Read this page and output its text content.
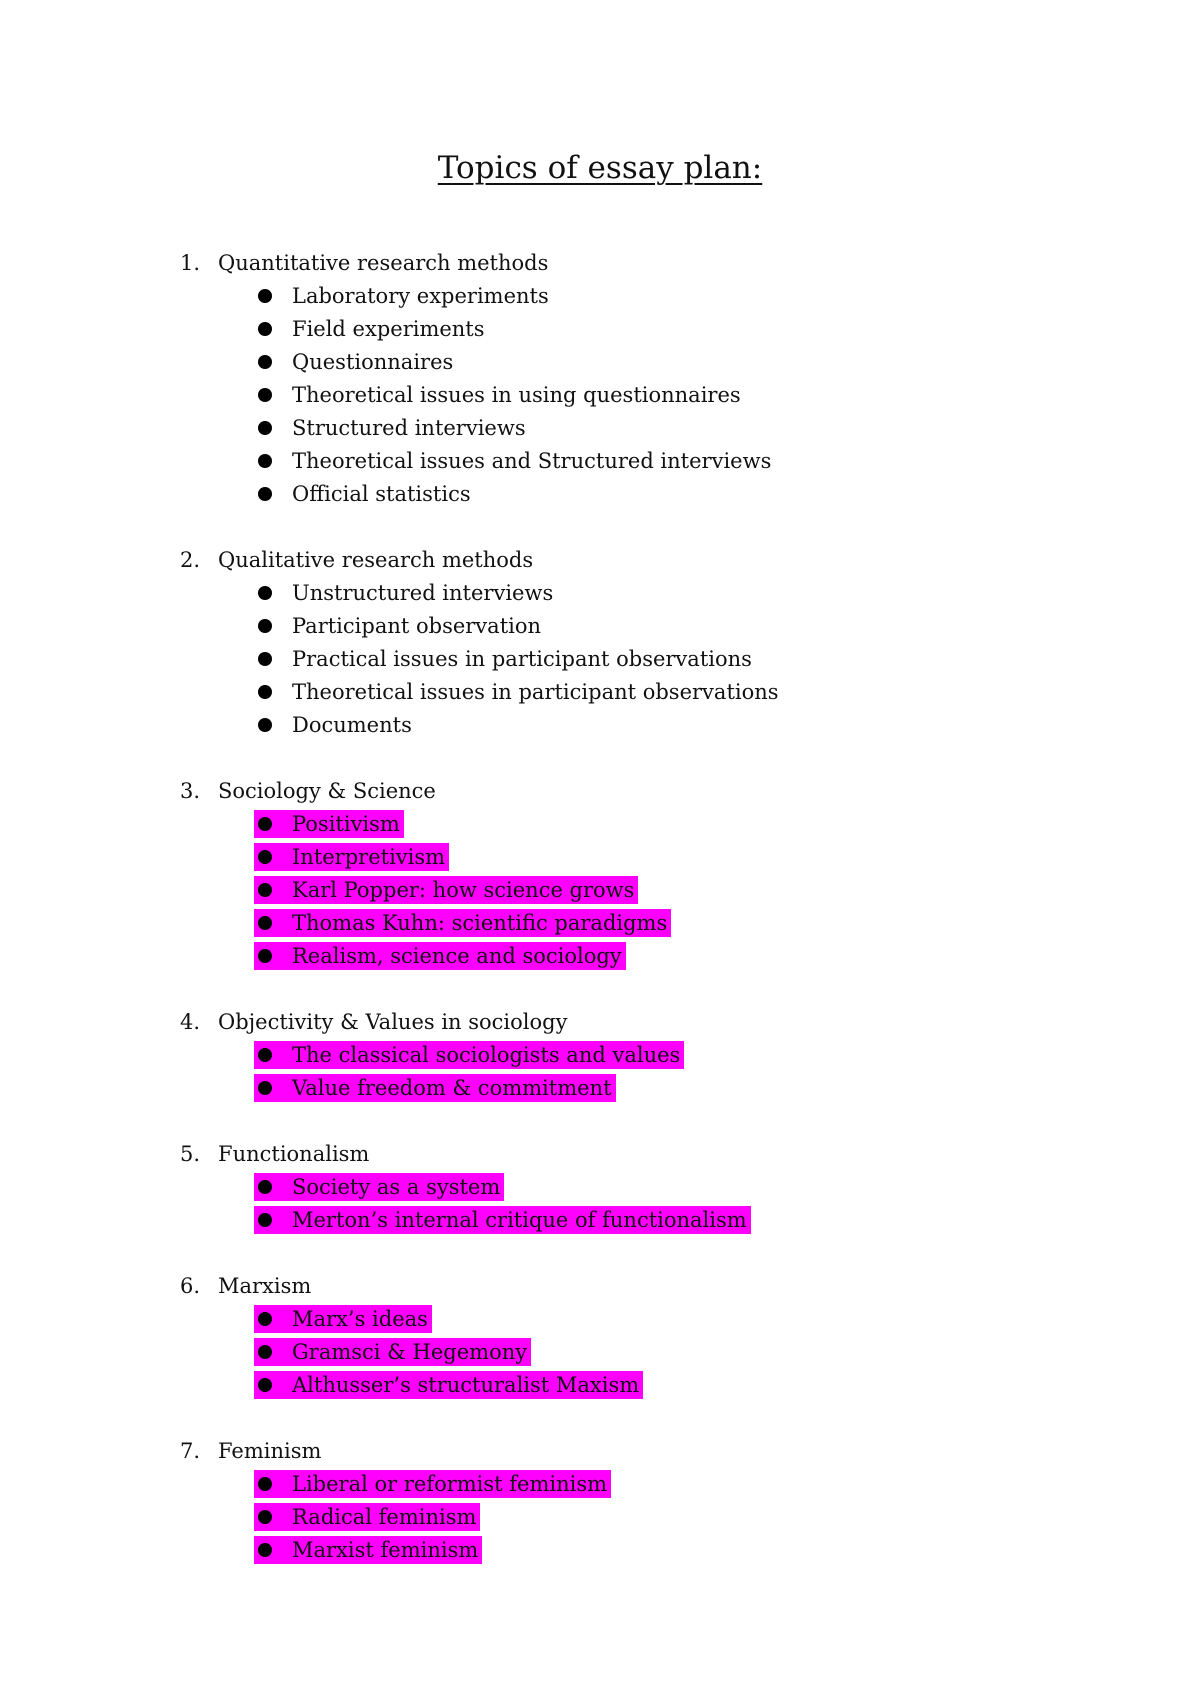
Topics of essay plan:
1. Quantitative research methods
Laboratory experiments
Field experiments
Questionnaires
Theoretical issues in using questionnaires
Structured interviews
Theoretical issues and Structured interviews
Official statistics
2. Qualitative research methods
Unstructured interviews
Participant observation
Practical issues in participant observations
Theoretical issues in participant observations
Documents
3. Sociology & Science
Positivism
Interpretivism
Karl Popper: how science grows
Thomas Kuhn: scientific paradigms
Realism, science and sociology
4. Objectivity & Values in sociology
The classical sociologists and values
Value freedom & commitment
5. Functionalism
Society as a system
Merton’s internal critique of functionalism
6. Marxism
Marx’s ideas
Gramsci & Hegemony
Althusser’s structuralist Maxism
7. Feminism
Liberal or reformist feminism
Radical feminism
Marxist feminism
